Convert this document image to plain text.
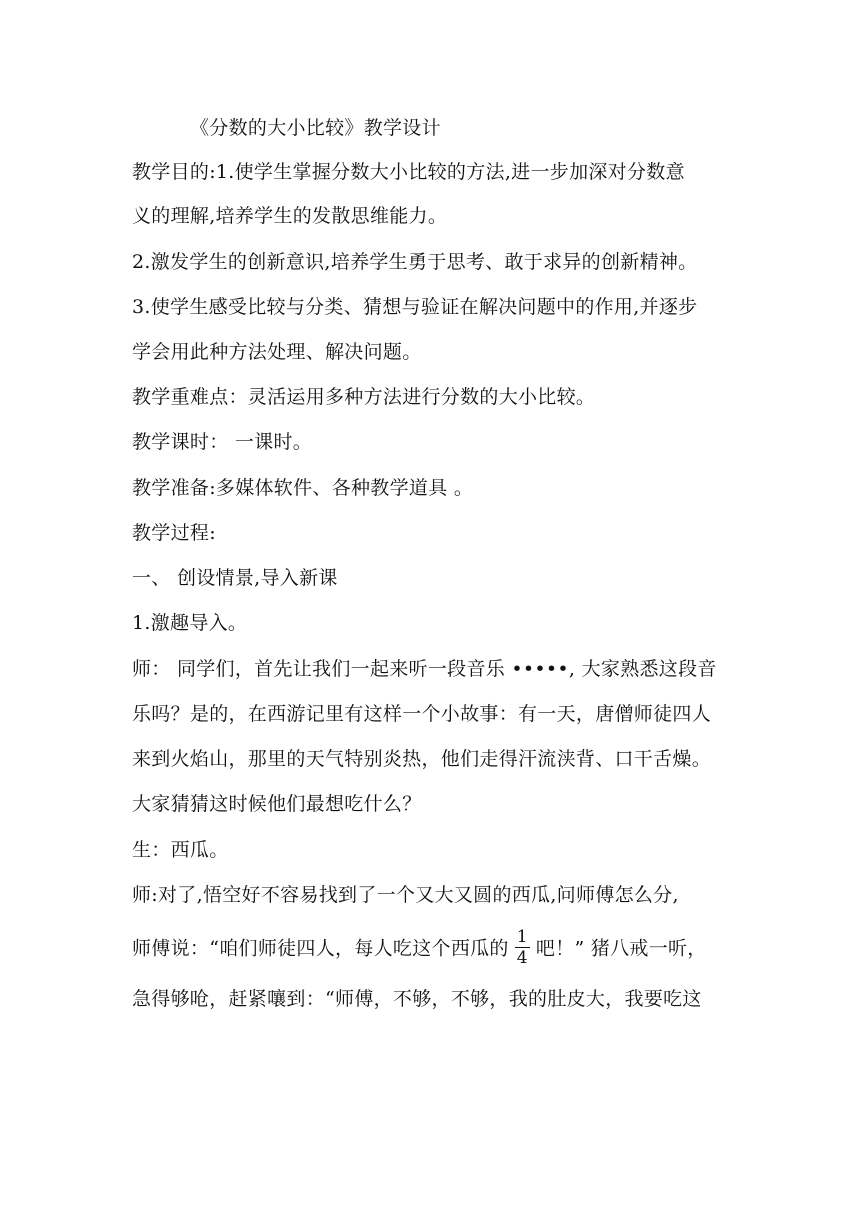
《分数的大小比较》教学设计
教学目的:1.使学生掌握分数大小比较的方法,进一步加深对分数意
义的理解,培养学生的发散思维能力。
2.激发学生的创新意识,培养学生勇于思考、敢于求异的创新精神。
3.使学生感受比较与分类、猜想与验证在解决问题中的作用,并逐步
学会用此种方法处理、解决问题。
教学重难点：灵活运用多种方法进行分数的大小比较。
教学课时： 一课时。
教学准备:多媒体软件、各种教学道具 。
教学过程:
一、 创设情景,导入新课
1.激趣导入。
师： 同学们，首先让我们一起来听一段音乐 •••••, 大家熟悉这段音
乐吗？是的，在西游记里有这样一个小故事：有一天，唐僧师徒四人
来到火焰山，那里的天气特别炎热，他们走得汗流浃背、口干舌燥。
大家猜猜这时候他们最想吃什么？
生：西瓜。
师:对了,悟空好不容易找到了一个又大又圆的西瓜,问师傅怎么分,
师傅说：“咱们师徒四人，每人吃这个西瓜的 $\frac{1}{4}$ 吧！” 猪八戒一听，
急得够呛，赶紧嚷到：“师傅，不够，不够，我的肚皮大，我要吃这
